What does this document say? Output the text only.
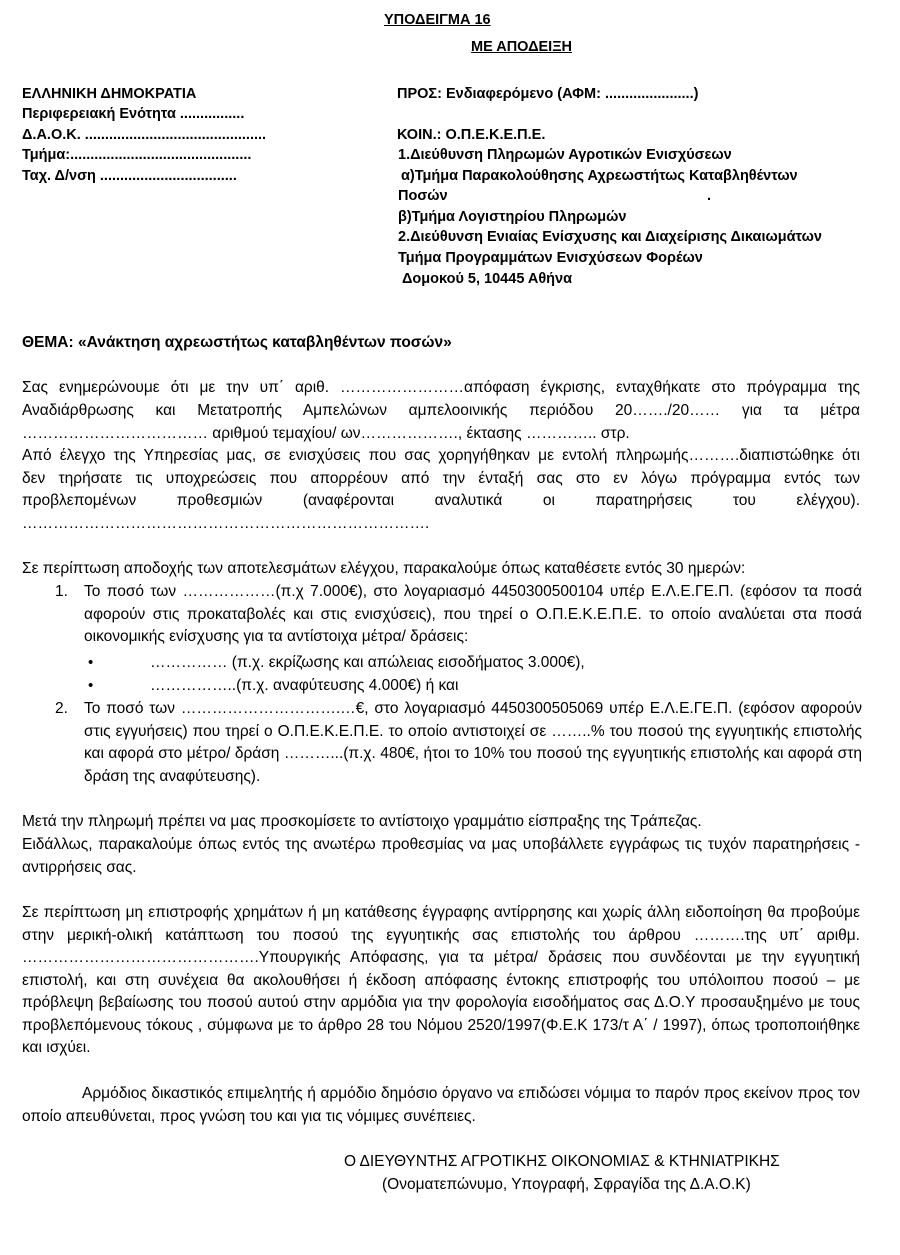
ΥΠΟΔΕΙΓΜΑ 16
ΜΕ ΑΠΟΔΕΙΞΗ
ΕΛΛΗΝΙΚΗ ΔΗΜΟΚΡΑΤΙΑ
Περιφερειακή Ενότητα ................
Δ.Α.Ο.Κ. .............................................
Τμήμα:.............................................
Ταχ. Δ/νση ..................................
ΠΡΟΣ: Ενδιαφερόμενο (ΑΦΜ: ......................)
ΚΟΙΝ.: Ο.Π.Ε.Κ.Ε.Π.Ε.
1.Διεύθυνση Πληρωμών Αγροτικών Ενισχύσεων
α)Τμήμα Παρακολούθησης Αχρεωστήτως Καταβληθέντων
Ποσών	.
β)Τμήμα Λογιστηρίου Πληρωμών
2.Διεύθυνση Ενιαίας Ενίσχυσης και Διαχείρισης Δικαιωμάτων
Τμήμα Προγραμμάτων Ενισχύσεων Φορέων
Δομοκού 5, 10445 Αθήνα
ΘΕΜΑ: «Ανάκτηση αχρεωστήτως καταβληθέντων ποσών»

Σας ενημερώνουμε ότι με την υπ΄ αριθ. ……………………απόφαση έγκρισης, ενταχθήκατε στο πρόγραμμα της

Αναδιάρθρωσης και Μετατροπής Αμπελώνων αμπελοοινικής περιόδου 20……./20…… για τα μέτρα

……………………………… αριθμού τεμαχίου/ ων………………., έκτασης ………….. στρ.

Από έλεγχο της Υπηρεσίας μας, σε ενισχύσεις που σας χορηγήθηκαν με εντολή πληρωμής……….διαπιστώθηκε ότι

δεν τηρήσατε τις υποχρεώσεις που απορρέουν από την ένταξή σας στο εν λόγω πρόγραμμα εντός των

προβλεπομένων προθεσμιών (αναφέρονται αναλυτικά οι παρατηρήσεις του ελέγχου).

…………………………………………………………………….
Σε περίπτωση αποδοχής των αποτελεσμάτων ελέγχου, παρακαλούμε όπως καταθέσετε εντός 30 ημερών:
1. Το ποσό των ………………(π.χ 7.000€), στο λογαριασμό 4450300500104 υπέρ Ε.Λ.Ε.ΓΕ.Π. (εφόσον τα ποσά αφορούν στις προκαταβολές και στις ενισχύσεις), που τηρεί ο Ο.Π.Ε.Κ.Ε.Π.Ε. το οποίο αναλύεται στα ποσά οικονομικής ενίσχυσης για τα αντίστοιχα μέτρα/ δράσεις:

•	…………… (π.χ. εκρίζωσης και απώλειας εισοδήματος 3.000€),
•	……………..(π.χ. αναφύτευσης 4.000€) ή και
2. Το ποσό των ………………………….…€, στο λογαριασμό 4450300505069 υπέρ Ε.Λ.Ε.ΓΕ.Π. (εφόσον αφορούν στις εγγυήσεις) που τηρεί ο Ο.Π.Ε.Κ.Ε.Π.Ε. το οποίο αντιστοιχεί σε ……..% του ποσού της εγγυητικής επιστολής και αφορά στο μέτρο/ δράση ………...(π.χ. 480€, ήτοι το 10% του ποσού της εγγυητικής επιστολής και αφορά στη δράση της αναφύτευσης).

Μετά την πληρωμή πρέπει να μας προσκομίσετε το αντίστοιχο γραμμάτιο είσπραξης της Τράπεζας.

Ειδάλλως, παρακαλούμε όπως εντός της ανωτέρω προθεσμίας να μας υποβάλλετε εγγράφως τις τυχόν παρατηρήσεις - αντιρρήσεις σας.

Σε περίπτωση μη επιστροφής χρημάτων ή μη κατάθεσης έγγραφης αντίρρησης και χωρίς άλλη ειδοποίηση θα προβούμε στην μερική-ολική κατάπτωση του ποσού της εγγυητικής σας επιστολής του άρθρου ……….της υπ΄ αριθμ. ……………………………………….Υπουργικής Απόφασης, για τα μέτρα/ δράσεις που συνδέονται με την εγγυητική επιστολή, και στη συνέχεια θα ακολουθήσει ή έκδοση απόφασης έντοκης επιστροφής του υπόλοιπου ποσού – με πρόβλεψη βεβαίωσης του ποσού αυτού στην αρμόδια για την φορολογία εισοδήματος σας Δ.Ο.Υ προσαυξημένο με τους προβλεπόμενους τόκους , σύμφωνα με το άρθρο 28 του Νόμου 2520/1997(Φ.Ε.Κ 173/τ Α΄ / 1997), όπως τροποποιήθηκε και ισχύει.

Αρμόδιος δικαστικός επιμελητής ή αρμόδιο δημόσιο όργανο να επιδώσει νόμιμα το παρόν προς εκείνον προς τον οποίο απευθύνεται, προς γνώση του και για τις νόμιμες συνέπειες.

Ο ΔΙΕΥΘΥΝΤΗΣ ΑΓΡΟΤΙΚΗΣ ΟΙΚΟΝΟΜΙΑΣ & ΚΤΗΝΙΑΤΡΙΚΗΣ
(Ονοματεπώνυμο, Υπογραφή, Σφραγίδα της Δ.Α.Ο.Κ)
